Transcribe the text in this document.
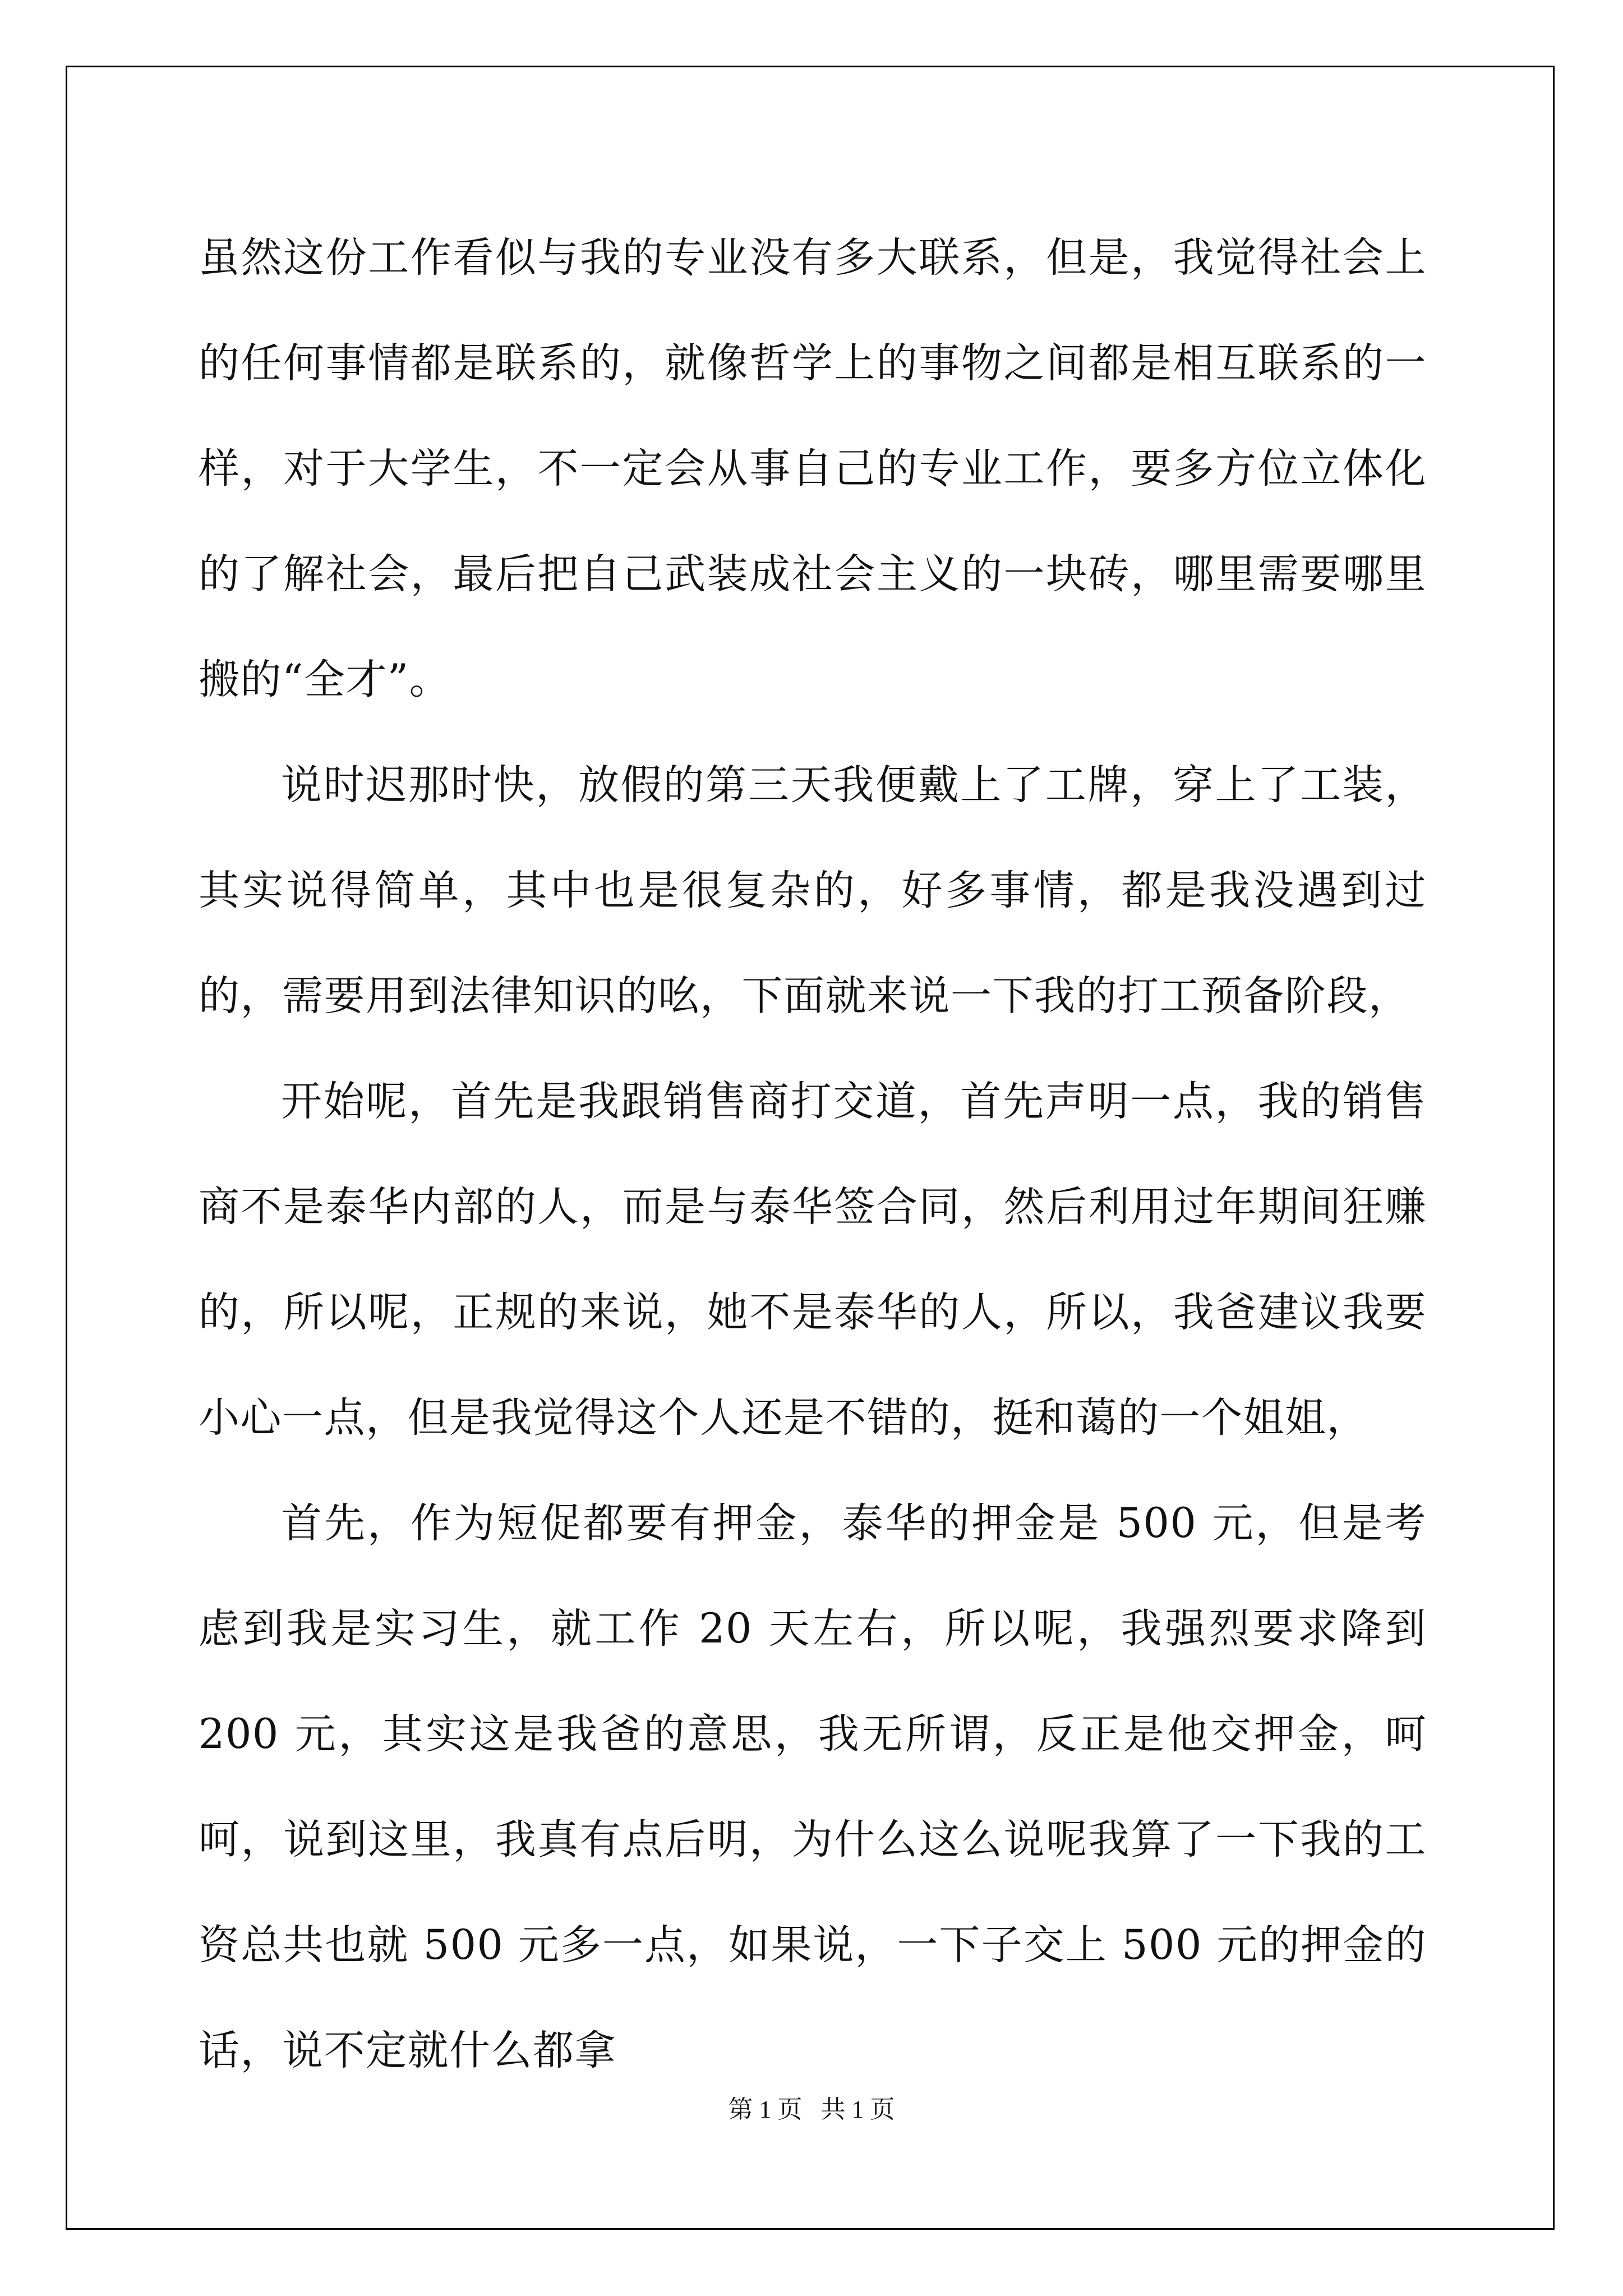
虽然这份工作看似与我的专业没有多大联系，但是，我觉得社会上的任何事情都是联系的，就像哲学上的事物之间都是相互联系的一样，对于大学生，不一定会从事自己的专业工作，要多方位立体化的了解社会，最后把自己武装成社会主义的一块砖，哪里需要哪里搬的“全才”。

说时迟那时快，放假的第三天我便戴上了工牌，穿上了工装，其实说得简单，其中也是很复杂的，好多事情，都是我没遇到过的，需要用到法律知识的吆，下面就来说一下我的打工预备阶段，

开始呢，首先是我跟销售商打交道，首先声明一点，我的销售商不是泰华内部的人，而是与泰华签合同，然后利用过年期间狂赚的，所以呢，正规的来说，她不是泰华的人，所以，我爸建议我要小心一点，但是我觉得这个人还是不错的，挺和蔼的一个姐姐，

首先，作为短促都要有押金，泰华的押金是 500 元，但是考虑到我是实习生，就工作 20 天左右，所以呢，我强烈要求降到 200 元，其实这是我爸的意思，我无所谓，反正是他交押金，呵呵，说到这里，我真有点后明，为什么这么说呢我算了一下我的工资总共也就 500 元多一点，如果说，一下子交上 500 元的押金的话，说不定就什么都拿

第 1 页 共 1 页
